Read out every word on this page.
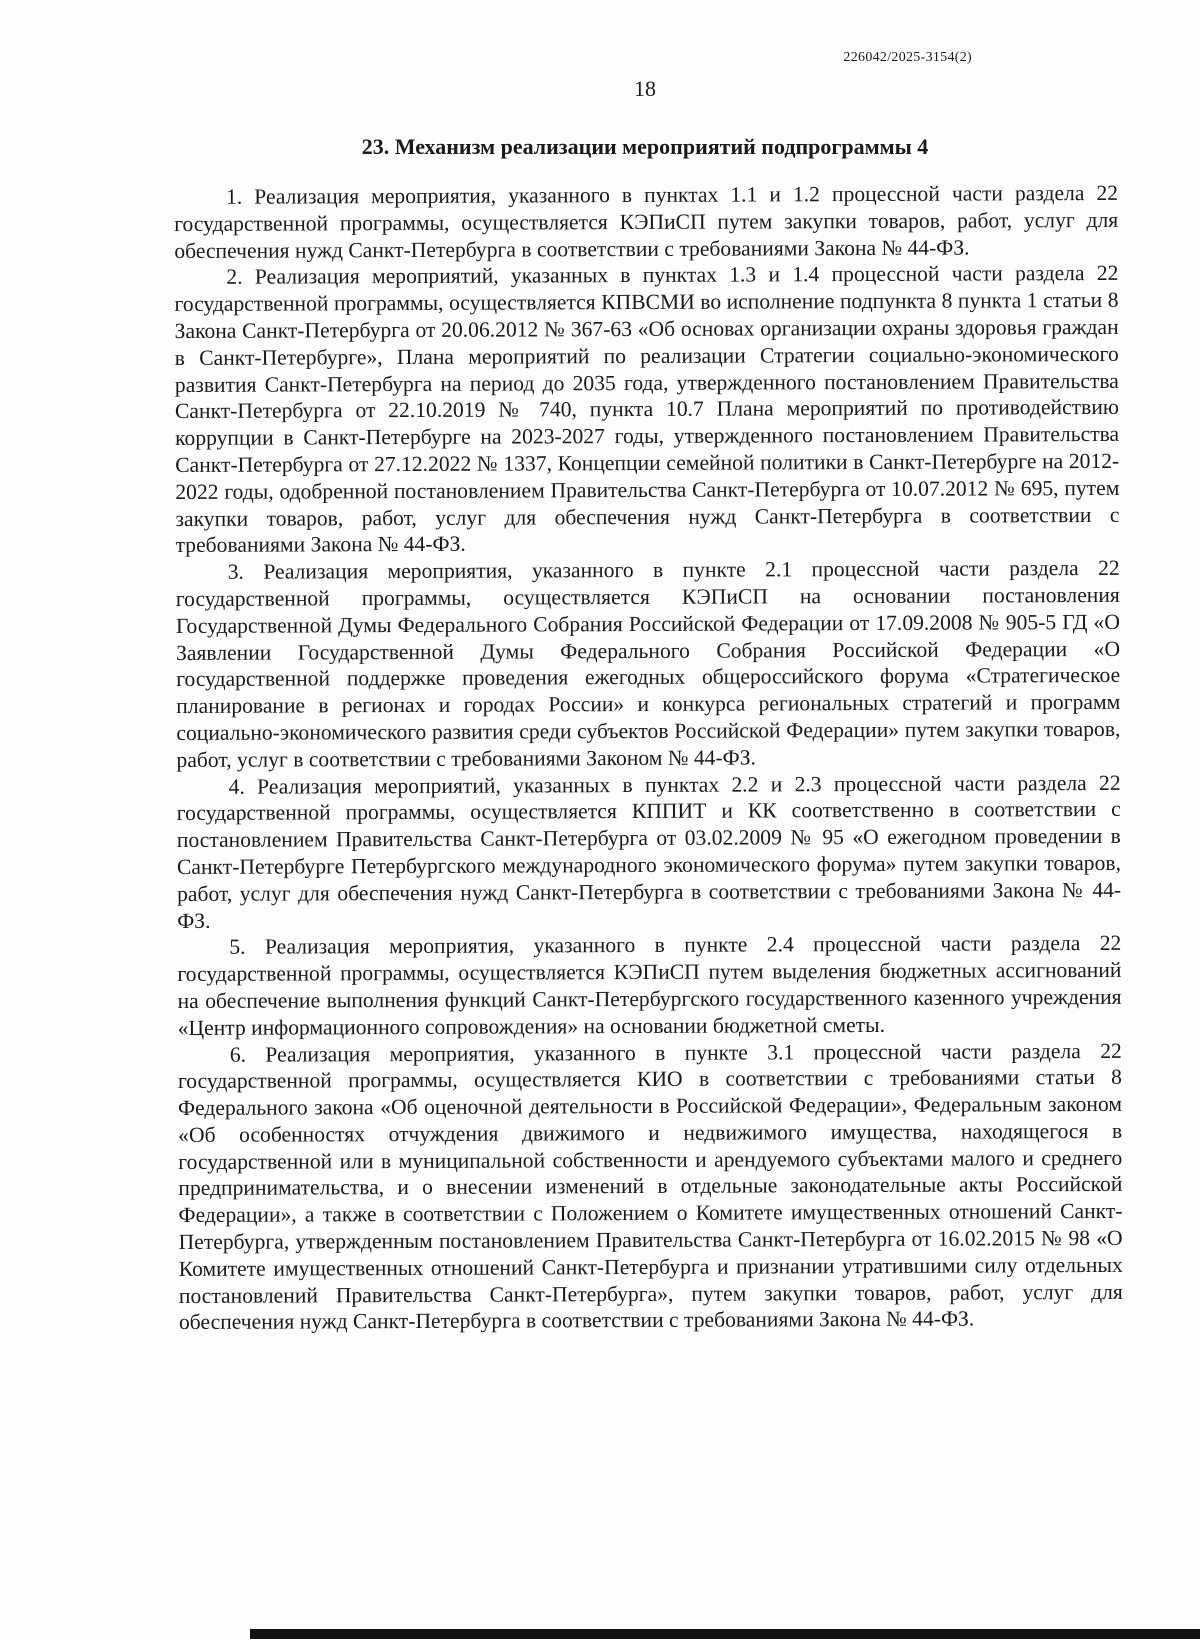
226042/2025-3154(2)
18
23. Механизм реализации мероприятий подпрограммы 4

1. Реализация мероприятия, указанного в пунктах 1.1 и 1.2 процессной части раздела 22 государственной программы, осуществляется КЭПиСП путем закупки товаров, работ, услуг для обеспечения нужд Санкт-Петербурга в соответствии с требованиями Закона № 44-ФЗ.

2. Реализация мероприятий, указанных в пунктах 1.3 и 1.4 процессной части раздела 22 государственной программы, осуществляется КПВСМИ во исполнение подпункта 8 пункта 1 статьи 8 Закона Санкт-Петербурга от 20.06.2012 № 367-63 «Об основах организации охраны здоровья граждан в Санкт-Петербурге», Плана мероприятий по реализации Стратегии социально-экономического развития Санкт-Петербурга на период до 2035 года, утвержденного постановлением Правительства Санкт-Петербурга от 22.10.2019 № 740, пункта 10.7 Плана мероприятий по противодействию коррупции в Санкт-Петербурге на 2023-2027 годы, утвержденного постановлением Правительства Санкт-Петербурга от 27.12.2022 № 1337, Концепции семейной политики в Санкт-Петербурге на 2012-2022 годы, одобренной постановлением Правительства Санкт-Петербурга от 10.07.2012 № 695, путем закупки товаров, работ, услуг для обеспечения нужд Санкт-Петербурга в соответствии с требованиями Закона № 44-ФЗ.

3. Реализация мероприятия, указанного в пункте 2.1 процессной части раздела 22 государственной программы, осуществляется КЭПиСП на основании постановления Государственной Думы Федерального Собрания Российской Федерации от 17.09.2008 № 905-5 ГД «О Заявлении Государственной Думы Федерального Собрания Российской Федерации «О государственной поддержке проведения ежегодных общероссийского форума «Стратегическое планирование в регионах и городах России» и конкурса региональных стратегий и программ социально-экономического развития среди субъектов Российской Федерации» путем закупки товаров, работ, услуг в соответствии с требованиями Законом № 44-ФЗ.

4. Реализация мероприятий, указанных в пунктах 2.2 и 2.3 процессной части раздела 22 государственной программы, осуществляется КППИТ и КК соответственно в соответствии с постановлением Правительства Санкт-Петербурга от 03.02.2009 № 95 «О ежегодном проведении в Санкт-Петербурге Петербургского международного экономического форума» путем закупки товаров, работ, услуг для обеспечения нужд Санкт-Петербурга в соответствии с требованиями Закона № 44-ФЗ.

5. Реализация мероприятия, указанного в пункте 2.4 процессной части раздела 22 государственной программы, осуществляется КЭПиСП путем выделения бюджетных ассигнований на обеспечение выполнения функций Санкт-Петербургского государственного казенного учреждения «Центр информационного сопровождения» на основании бюджетной сметы.

6. Реализация мероприятия, указанного в пункте 3.1 процессной части раздела 22 государственной программы, осуществляется КИО в соответствии с требованиями статьи 8 Федерального закона «Об оценочной деятельности в Российской Федерации», Федеральным законом «Об особенностях отчуждения движимого и недвижимого имущества, находящегося в государственной или в муниципальной собственности и арендуемого субъектами малого и среднего предпринимательства, и о внесении изменений в отдельные законодательные акты Российской Федерации», а также в соответствии с Положением о Комитете имущественных отношений Санкт-Петербурга, утвержденным постановлением Правительства Санкт-Петербурга от 16.02.2015 № 98 «О Комитете имущественных отношений Санкт-Петербурга и признании утратившими силу отдельных постановлений Правительства Санкт-Петербурга», путем закупки товаров, работ, услуг для обеспечения нужд Санкт-Петербурга в соответствии с требованиями Закона № 44-ФЗ.
